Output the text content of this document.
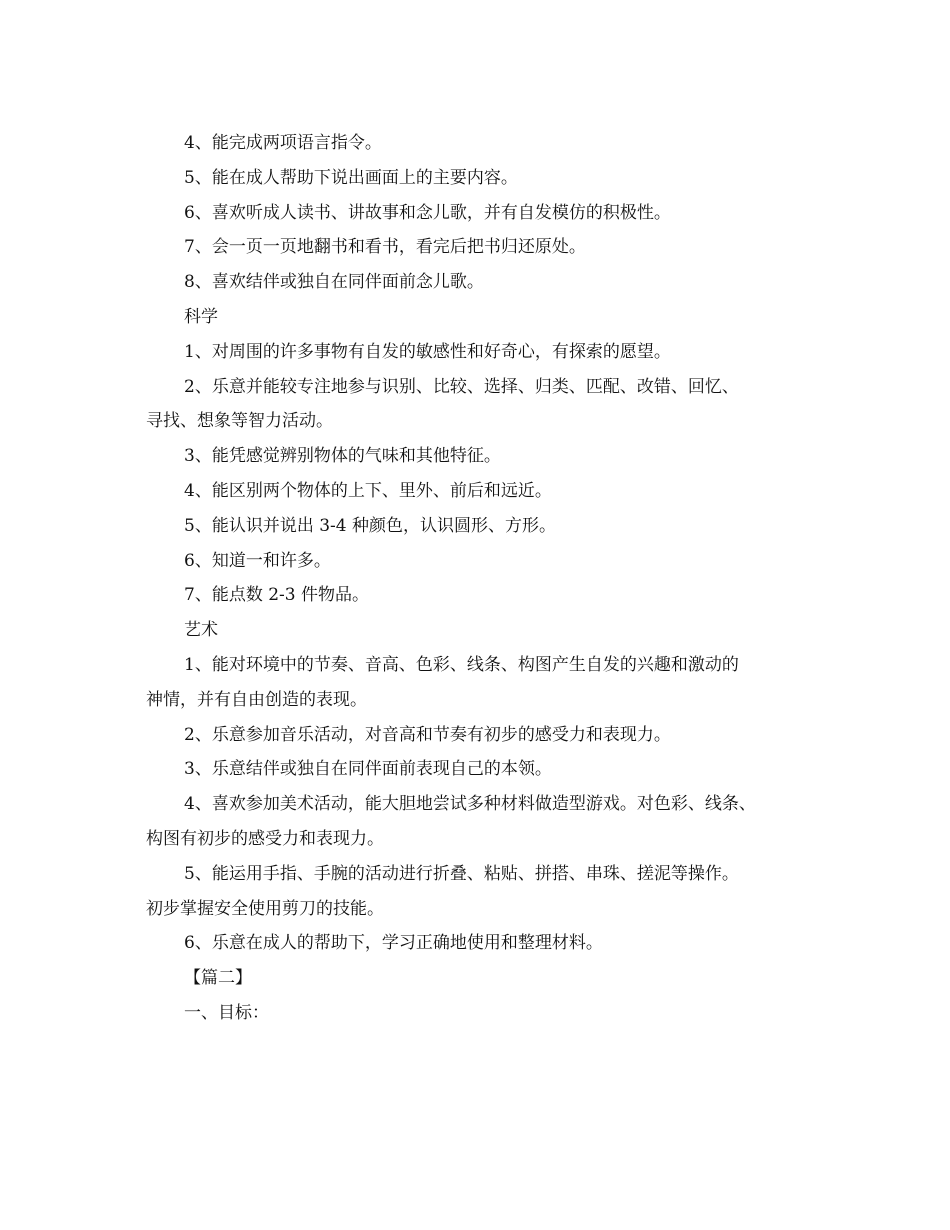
4、能完成两项语言指令。
5、能在成人帮助下说出画面上的主要内容。
6、喜欢听成人读书、讲故事和念儿歌，并有自发模仿的积极性。
7、会一页一页地翻书和看书，看完后把书归还原处。
8、喜欢结伴或独自在同伴面前念儿歌。
科学
1、对周围的许多事物有自发的敏感性和好奇心，有探索的愿望。
2、乐意并能较专注地参与识别、比较、选择、归类、匹配、改错、回忆、
寻找、想象等智力活动。
3、能凭感觉辨别物体的气味和其他特征。
4、能区别两个物体的上下、里外、前后和远近。
5、能认识并说出 3-4 种颜色，认识圆形、方形。
6、知道一和许多。
7、能点数 2-3 件物品。
艺术
1、能对环境中的节奏、音高、色彩、线条、构图产生自发的兴趣和激动的
神情，并有自由创造的表现。
2、乐意参加音乐活动，对音高和节奏有初步的感受力和表现力。
3、乐意结伴或独自在同伴面前表现自己的本领。
4、喜欢参加美术活动，能大胆地尝试多种材料做造型游戏。对色彩、线条、
构图有初步的感受力和表现力。
5、能运用手指、手腕的活动进行折叠、粘贴、拼搭、串珠、搓泥等操作。
初步掌握安全使用剪刀的技能。
6、乐意在成人的帮助下，学习正确地使用和整理材料。
【篇二】
一、目标：
